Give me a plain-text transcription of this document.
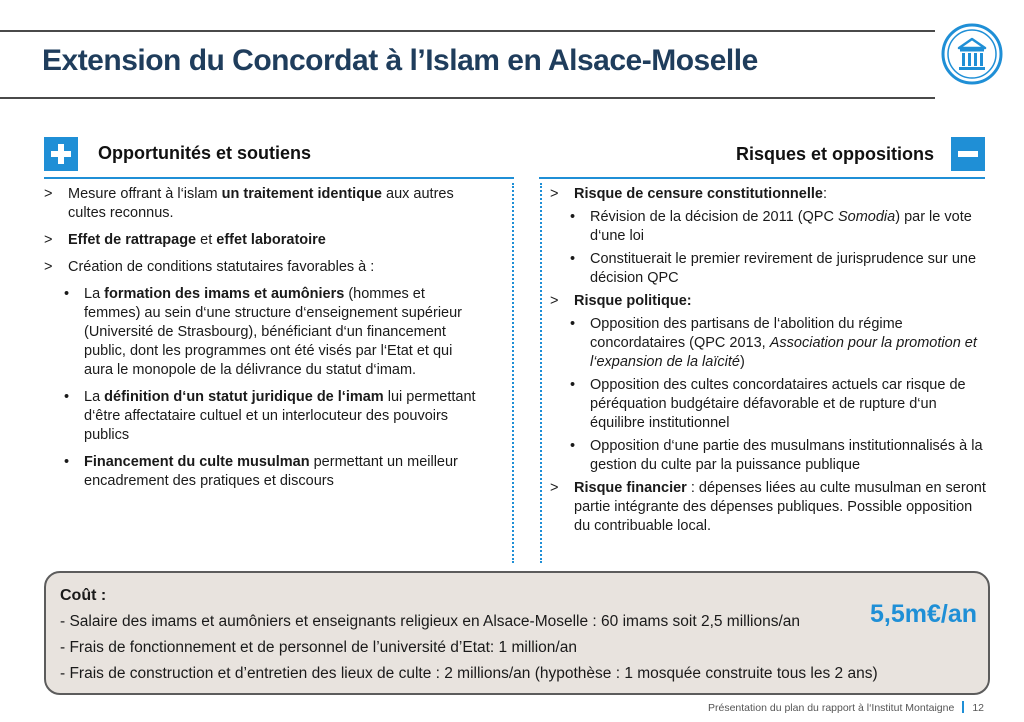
Extension du Concordat à l’Islam en Alsace-Moselle
Opportunités et soutiens	Risques et oppositions
> Mesure offrant à l‘islam un traitement identique aux autres cultes reconnus.
> Effet de rattrapage et effet laboratoire
> Création de conditions statutaires favorables à :
• La formation des imams et aumôniers (hommes et femmes) au sein d‘une structure d‘enseignement supérieur (Université de Strasbourg), bénéficiant d‘un financement public, dont les programmes ont été visés par l‘Etat et qui aura le monopole de la délivrance du statut d‘imam.
• La définition d‘un statut juridique de l‘imam lui permettant d‘être affectataire cultuel et un interlocuteur des pouvoirs publics
• Financement du culte musulman permettant un meilleur encadrement des pratiques et discours
> Risque de censure constitutionnelle:
• Révision de la décision de 2011 (QPC Somodia) par le vote d‘une loi
• Constituerait le premier revirement de jurisprudence sur une décision QPC
> Risque politique:
• Opposition des partisans de l‘abolition du régime concordataires (QPC 2013, Association pour la promotion et l‘expansion de la laïcité)
• Opposition des cultes concordataires actuels car risque de péréquation budgétaire défavorable et de rupture d‘un équilibre institutionnel
• Opposition d‘une partie des musulmans institutionnalisés à la gestion du culte par la puissance publique
> Risque financier : dépenses liées au culte musulman en seront partie intégrante des dépenses publiques. Possible opposition du contribuable local.
Coût :
- Salaire des imams et aumôniers et enseignants religieux en Alsace-Moselle : 60 imams soit 2,5 millions/an	5,5m€/an
- Frais de fonctionnement et de personnel de l’université d’Etat: 1 million/an
- Frais de construction et d’entretien des lieux de culte : 2 millions/an (hypothèse : 1 mosquée construite tous les 2 ans)
Présentation du plan du rapport à l‘Institut Montaigne 12
